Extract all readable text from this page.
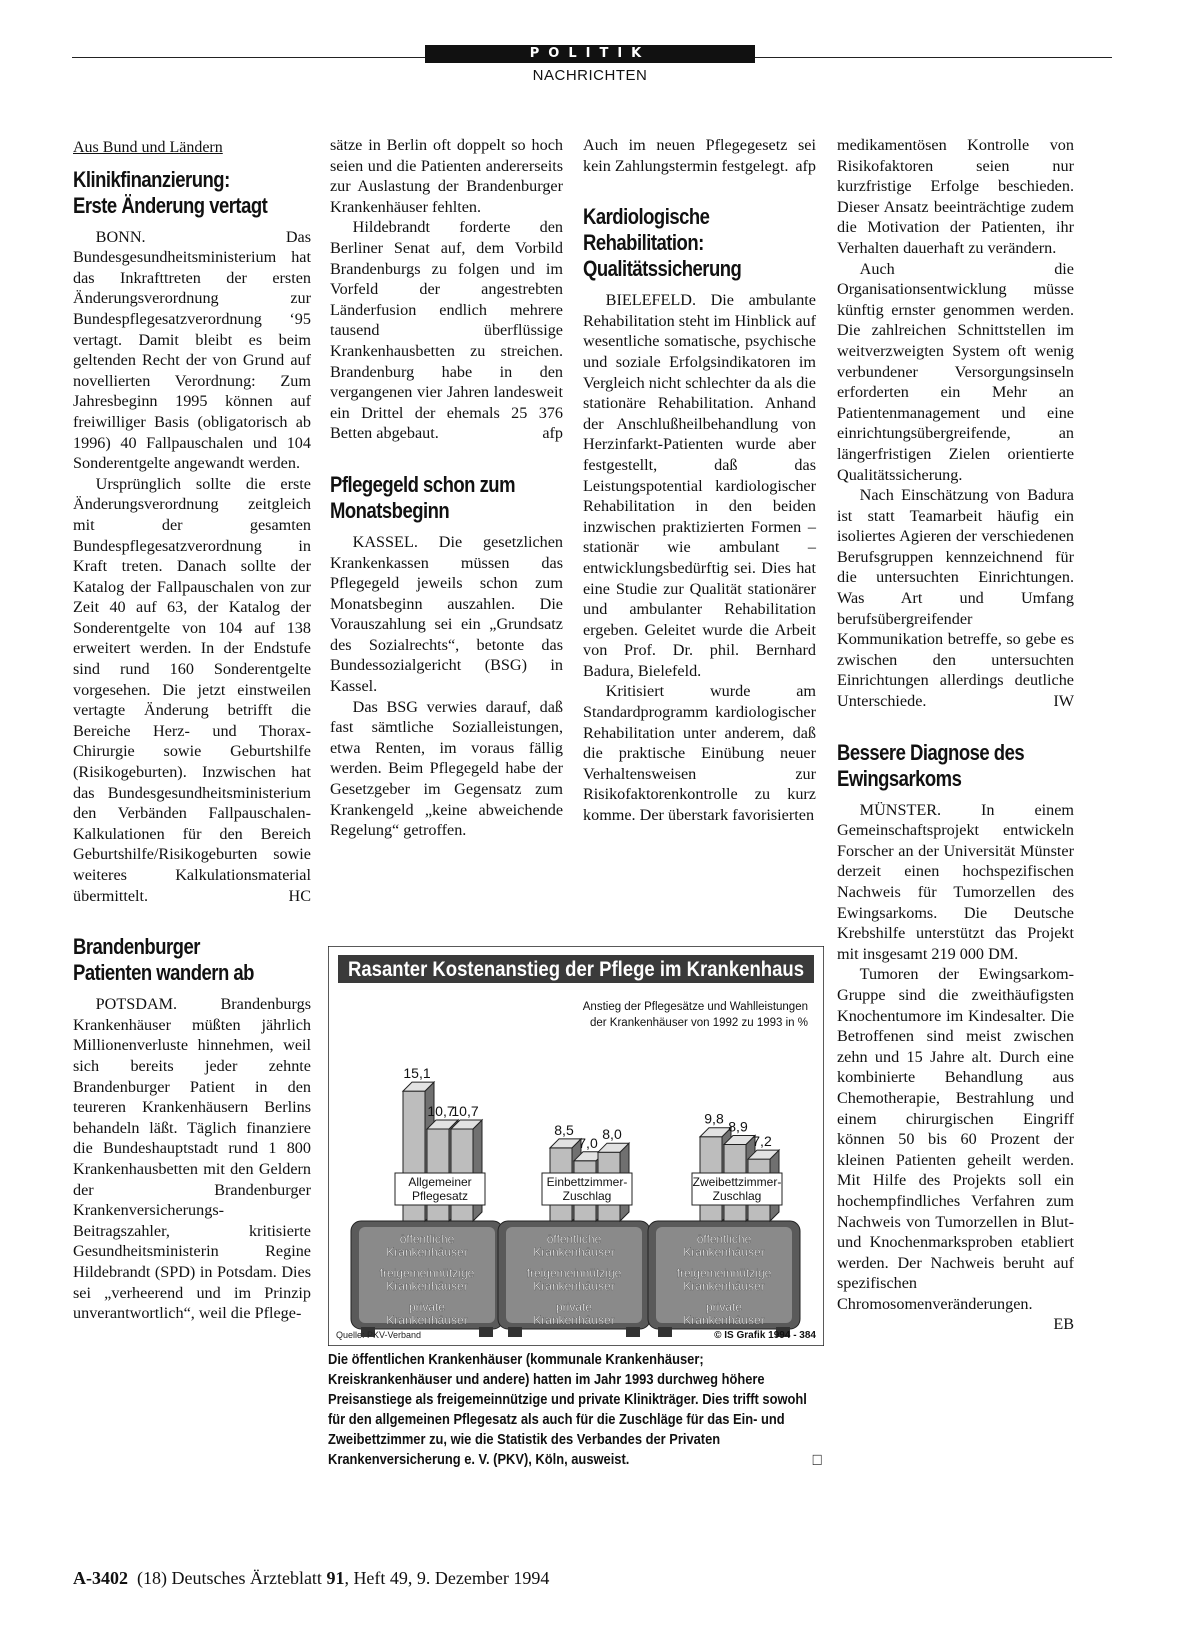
POLITIK
NACHRICHTEN
Aus Bund und Ländern
Klinikfinanzierung:
Erste Änderung vertagt

BONN. Das Bundesgesundheitsministerium hat das Inkrafttreten der ersten Änderungsverordnung zur Bundespflegesatzverordnung ‘95 vertagt. Damit bleibt es beim geltenden Recht der von Grund auf novellierten Verordnung: Zum Jahresbeginn 1995 können auf freiwilliger Basis (obligatorisch ab 1996) 40 Fallpauschalen und 104 Sonderentgelte angewandt werden.

Ursprünglich sollte die erste Änderungsverordnung zeitgleich mit der gesamten Bundespflegesatzverordnung in Kraft treten. Danach sollte der Katalog der Fallpauschalen von zur Zeit 40 auf 63, der Katalog der Sonderentgelte von 104 auf 138 erweitert werden. In der Endstufe sind rund 160 Sonderentgelte vorgesehen. Die jetzt einstweilen vertagte Änderung betrifft die Bereiche Herz- und Thorax-Chirurgie sowie Geburtshilfe (Risikogeburten). Inzwischen hat das Bundesgesundheitsministerium den Verbänden Fallpauschalen-Kalkulationen für den Bereich Geburtshilfe/Risikogeburten sowie weiteres Kalkulationsmaterial übermittelt.	HC

Brandenburger
Patienten wandern ab

POTSDAM. Brandenburgs Krankenhäuser müßten jährlich Millionenverluste hinnehmen, weil sich bereits jeder zehnte Brandenburger Patient in den teureren Krankenhäusern Berlins behandeln läßt. Täglich finanziere die Bundeshauptstadt rund 1 800 Krankenhausbetten mit den Geldern der Brandenburger Krankenversicherungs-Beitragszahler, kritisierte Gesundheitsministerin Regine Hildebrandt (SPD) in Potsdam. Dies sei „verheerend und im Prinzip unverantwortlich“, weil die Pflege-

sätze in Berlin oft doppelt so hoch seien und die Patienten andererseits zur Auslastung der Brandenburger Krankenhäuser fehlten.

Hildebrandt forderte den Berliner Senat auf, dem Vorbild Brandenburgs zu folgen und im Vorfeld der angestrebten Länderfusion endlich mehrere tausend überflüssige Krankenhausbetten zu streichen. Brandenburg habe in den vergangenen vier Jahren landesweit ein Drittel der ehemals 25 376 Betten abgebaut.	afp

Pflegegeld schon zum
Monatsbeginn

KASSEL. Die gesetzlichen Krankenkassen müssen das Pflegegeld jeweils schon zum Monatsbeginn auszahlen. Die Vorauszahlung sei ein „Grundsatz des Sozialrechts“, betonte das Bundessozialgericht (BSG) in Kassel.

Das BSG verwies darauf, daß fast sämtliche Sozialleistungen, etwa Renten, im voraus fällig werden. Beim Pflegegeld habe der Gesetzgeber im Gegensatz zum Krankengeld „keine abweichende Regelung“ getroffen.

Auch im neuen Pflegegesetz sei kein Zahlungstermin festgelegt. afp

Kardiologische
Rehabilitation:
Qualitätssicherung

BIELEFELD. Die ambulante Rehabilitation steht im Hinblick auf wesentliche somatische, psychische und soziale Erfolgsindikatoren im Vergleich nicht schlechter da als die stationäre Rehabilitation. Anhand der Anschlußheilbehandlung von Herzinfarkt-Patienten wurde aber festgestellt, daß das Leistungspotential kardiologischer Rehabilitation in den beiden inzwischen praktizierten Formen – stationär wie ambulant – entwicklungsbedürftig sei. Dies hat eine Studie zur Qualität stationärer und ambulanter Rehabilitation ergeben. Geleitet wurde die Arbeit von Prof. Dr. phil. Bernhard Badura, Bielefeld.

Kritisiert wurde am Standardprogramm kardiologischer Rehabilitation unter anderem, daß die praktische Einübung neuer Verhaltensweisen zur Risikofaktorenkontrolle zu kurz komme. Der überstark favorisierten

medikamentösen Kontrolle von Risikofaktoren seien nur kurzfristige Erfolge beschieden. Dieser Ansatz beeinträchtige zudem die Motivation der Patienten, ihr Verhalten dauerhaft zu verändern.

Auch die Organisationsentwicklung müsse künftig ernster genommen werden. Die zahlreichen Schnittstellen im weitverzweigten System oft wenig verbundener Versorgungsinseln erforderten ein Mehr an Patientenmanagement und eine einrichtungsübergreifende, an längerfristigen Zielen orientierte Qualitätssicherung.

Nach Einschätzung von Badura ist statt Teamarbeit häufig ein isoliertes Agieren der verschiedenen Berufsgruppen kennzeichnend für die untersuchten Einrichtungen. Was Art und Umfang berufsübergreifender Kommunikation betreffe, so gebe es zwischen den untersuchten Einrichtungen allerdings deutliche Unterschiede.	IW

Bessere Diagnose des
Ewingsarkoms

MÜNSTER. In einem Gemeinschaftsprojekt entwickeln Forscher an der Universität Münster derzeit einen hochspezifischen Nachweis für Tumorzellen des Ewingsarkoms. Die Deutsche Krebshilfe unterstützt das Projekt mit insgesamt 219 000 DM.

Tumoren der Ewingsarkom-Gruppe sind die zweithäufigsten Knochentumore im Kindesalter. Die Betroffenen sind meist zwischen zehn und 15 Jahre alt. Durch eine kombinierte Behandlung aus Chemotherapie, Bestrahlung und einem chirurgischen Eingriff können 50 bis 60 Prozent der kleinen Patienten geheilt werden. Mit Hilfe des Projekts soll ein hochempfindliches Verfahren zum Nachweis von Tumorzellen in Blut- und Knochenmarksproben etabliert werden. Der Nachweis beruht auf spezifischen Chromosomenveränderungen.
EB

Rasanter Kostenanstieg der Pflege im Krankenhaus
Anstieg der Pflegesätze und Wahlleistungen
der Krankenhäuser von 1992 zu 1993 in %
öffentliche
Krankenhäuser
freigemeinnützige
Krankenhäuser
private
Krankenhäuser
öffentliche
Krankenhäuser
freigemeinnützige
Krankenhäuser
private
Krankenhäuser
öffentliche
Krankenhäuser
freigemeinnützige
Krankenhäuser
private
Krankenhäuser
15,1
10,7
10,7
Allgemeiner
Pflegesatz
8,5
7,0
8,0
Einbettzimmer-
Zuschlag
9,8 8,9
7,2
Zweibettzimmer-
Zuschlag
Quelle: PKV-Verband	© IS Grafik 1994 - 384
Die öffentlichen Krankenhäuser (kommunale Krankenhäuser; Kreiskrankenhäuser und andere) hatten im Jahr 1993 durchweg höhere Preisanstiege als freigemeinnützige und private Klinikträger. Dies trifft sowohl für den allgemeinen Pflegesatz als auch für die Zuschläge für das Ein- und Zweibettzimmer zu, wie die Statistik des Verbandes der Privaten Krankenversicherung e. V. (PKV), Köln, ausweist.	□
A-3402 (18) Deutsches Ärzteblatt 91, Heft 49, 9. Dezember 1994
